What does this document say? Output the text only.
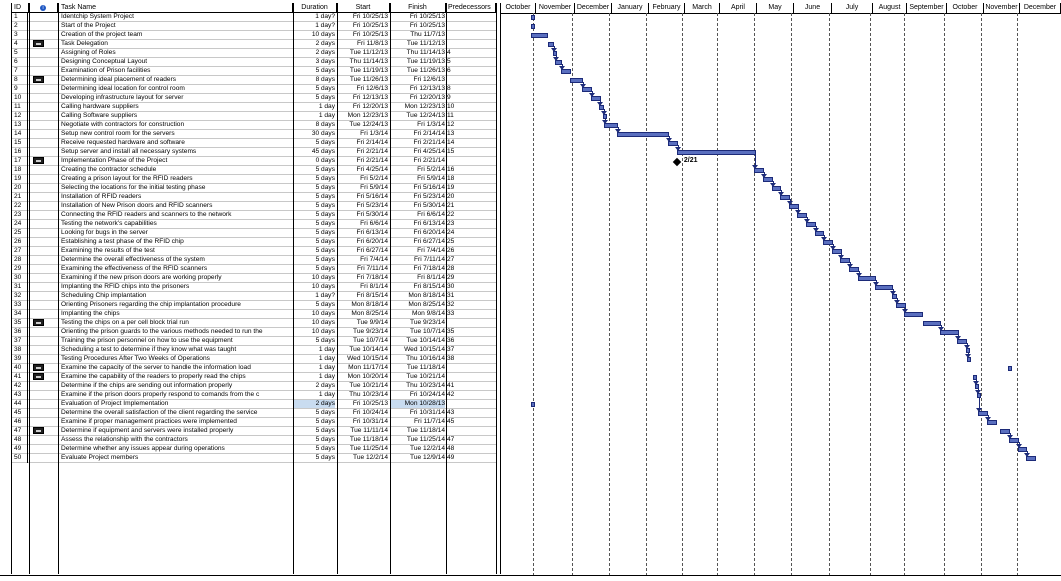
ID	i	Task Name	Duration	Start	Finish	Predecessors
1	Identchip System Project	1 day?	Fri 10/25/13	Fri 10/25/13
2	Start of the Project	1 day?	Fri 10/25/13	Fri 10/25/13
3	Creation of the project team	10 days	Fri 10/25/13	Thu 11/7/13
4	Task Delegation	2 days	Fri 11/8/13	Tue 11/12/13
5	Assigning of Roles	2 days	Tue 11/12/13	Thu 11/14/13 4
6	Designing Conceptual Layout	3 days	Thu 11/14/13	Tue 11/19/13 5
7	Examination of Prison facilities	5 days	Tue 11/19/13	Tue 11/26/13 6
8	Determining ideal placement of readers	8 days	Tue 11/26/13	Fri 12/6/13
9	Determining ideal location for control room	5 days	Fri 12/6/13	Fri 12/13/13 8
10	Developing infrastructure layout for server	5 days	Fri 12/13/13	Fri 12/20/13 9
11	Calling hardware suppliers	1 day	Fri 12/20/13	Mon 12/23/13 10
12	Calling Software suppliers	1 day	Mon 12/23/13	Tue 12/24/13 11
13	Negotiate with contractors for construction	8 days	Tue 12/24/13	Fri 1/3/14 12
14	Setup new control room for the servers	30 days	Fri 1/3/14	Fri 2/14/14 13
15	Receive requested hardware and software	5 days	Fri 2/14/14	Fri 2/21/14 14
16	Setup server and install all necessary systems	45 days	Fri 2/21/14	Fri 4/25/14 15
17	Implementation Phase of the Project	0 days	Fri 2/21/14	Fri 2/21/14
18	Creating the contractor schedule	5 days	Fri 4/25/14	Fri 5/2/14 16
19	Creating a prison layout for the RFID readers	5 days	Fri 5/2/14	Fri 5/9/14 18
20	Selecting the locations for the initial testing phase	5 days	Fri 5/9/14	Fri 5/16/14 19
21	Installation of RFID readers	5 days	Fri 5/16/14	Fri 5/23/14 20
22	Installation of New Prison doors and RFID scanners	5 days	Fri 5/23/14	Fri 5/30/14 21
23	Connecting the RFID readers and scanners to the network	5 days	Fri 5/30/14	Fri 6/6/14 22
24	Testing the network's capabilities	5 days	Fri 6/6/14	Fri 6/13/14 23
25	Looking for bugs in the server	5 days	Fri 6/13/14	Fri 6/20/14 24
26	Establishing a test phase of the RFID chip	5 days	Fri 6/20/14	Fri 6/27/14 25
27	Examining the results of the test	5 days	Fri 6/27/14	Fri 7/4/14 26
28	Determine the overall effectiveness of the system	5 days	Fri 7/4/14	Fri 7/11/14 27
29	Examining the effectiveness of the RFID scanners	5 days	Fri 7/11/14	Fri 7/18/14 28
30	Examining if the new prison doors are working properly	10 days	Fri 7/18/14	Fri 8/1/14 29
31	Implanting the RFID chips into the prisoners	10 days	Fri 8/1/14	Fri 8/15/14 30
32	Scheduling Chip implantation	1 day?	Fri 8/15/14	Mon 8/18/14 31
33	Orienting Prisoners regarding the chip implantation procedure	5 days	Mon 8/18/14	Mon 8/25/14 32
34	Implanting the chips	10 days	Mon 8/25/14	Mon 9/8/14 33
35	Testing the chips on a per cell block trial run	10 days	Tue 9/9/14	Tue 9/23/14
36	Orienting the prison guards to the various methods needed to run the	10 days	Tue 9/23/14	Tue 10/7/14 35
37	Training the prison personnel on how to use the equipment	5 days	Tue 10/7/14	Tue 10/14/14 36
38	Scheduling a test to determine if they know what was taught	1 day	Tue 10/14/14	Wed 10/15/14 37
39	Testing Procedures After Two Weeks of Operations	1 day	Wed 10/15/14	Thu 10/16/14 38
40	Examine the capacity of the server to handle the information load	1 day	Mon 11/17/14	Tue 11/18/14
41	Examine the capability of the readers to properly read the chips	1 day	Mon 10/20/14	Tue 10/21/14
42	Determine if the chips are sending out information properly	2 days	Tue 10/21/14	Thu 10/23/14 41
43	Examine if the prison doors properly respond to comands from the c	1 day	Thu 10/23/14	Fri 10/24/14 42
44	Evaluation of Project Implementation	2 days	Fri 10/25/13	Mon 10/28/13
45	Determine the overall satisfaction of the client regarding the service	5 days	Fri 10/24/14	Fri 10/31/14 43
46	Examine if proper management practices were implemented	5 days	Fri 10/31/14	Fri 11/7/14 45
47	Determine if equipment and servers were installed properly	5 days	Tue 11/11/14	Tue 11/18/14
48	Assess the relationship with the contractors	5 days	Tue 11/18/14	Tue 11/25/14 47
49	Determine whether any issues appear during operations	5 days	Tue 11/25/14	Tue 12/2/14 48
50	Evaluate Project members	5 days	Tue 12/2/14	Tue 12/9/14 49
October	November December	January	February	March	April	May	June	July	August	September	October	November December
2/21
